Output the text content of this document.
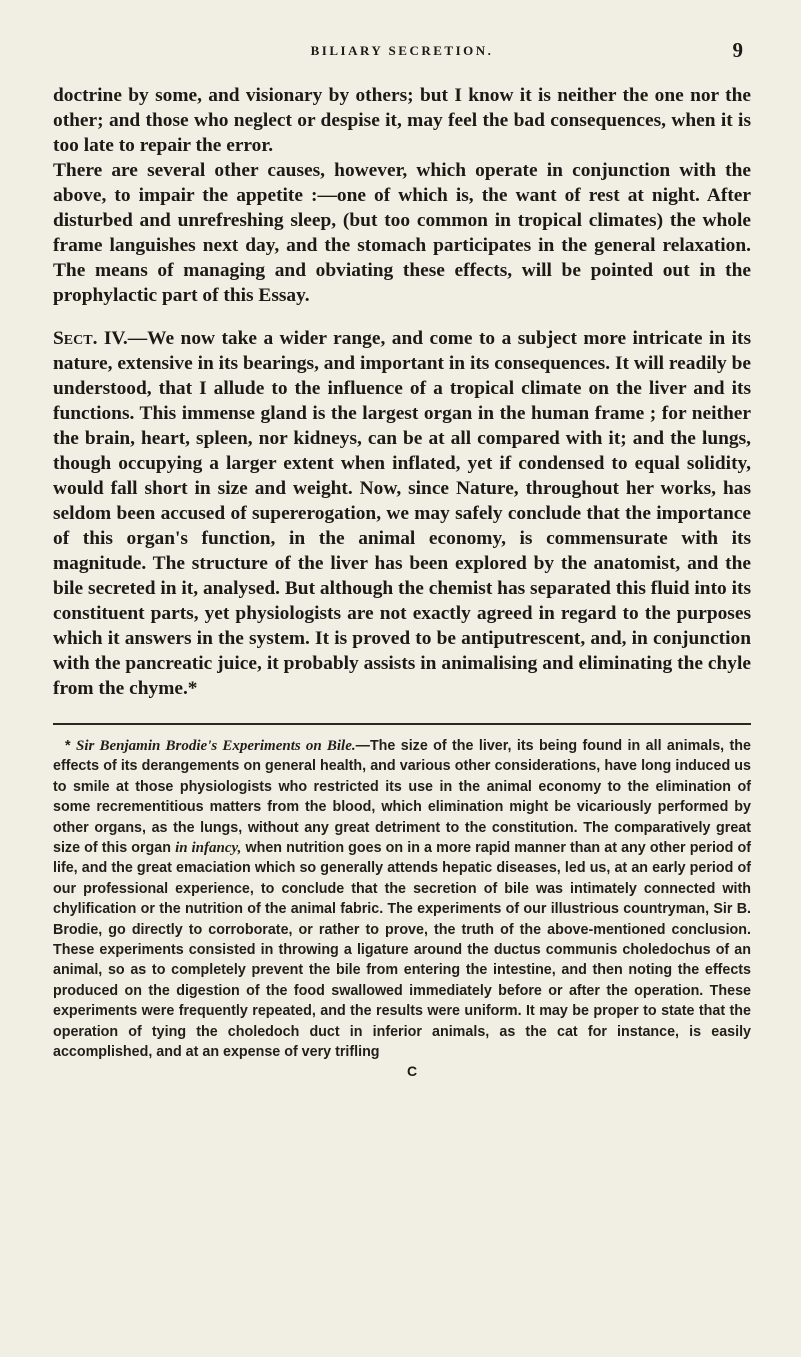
BILIARY SECRETION.	9

doctrine by some, and visionary by others; but I know it is neither the one nor the other; and those who neglect or despise it, may feel the bad consequences, when it is too late to repair the error.

There are several other causes, however, which operate in conjunction with the above, to impair the appetite :—one of which is, the want of rest at night. After disturbed and unrefreshing sleep, (but too common in tropical climates) the whole frame languishes next day, and the stomach participates in the general relaxation. The means of managing and obviating these effects, will be pointed out in the prophylactic part of this Essay.

Sect. IV.—We now take a wider range, and come to a subject more intricate in its nature, extensive in its bearings, and important in its consequences. It will readily be understood, that I allude to the influence of a tropical climate on the liver and its functions. This immense gland is the largest organ in the human frame ; for neither the brain, heart, spleen, nor kidneys, can be at all compared with it; and the lungs, though occupying a larger extent when inflated, yet if condensed to equal solidity, would fall short in size and weight. Now, since Nature, throughout her works, has seldom been accused of supererogation, we may safely conclude that the importance of this organ's function, in the animal economy, is commensurate with its magnitude. The structure of the liver has been explored by the anatomist, and the bile secreted in it, analysed. But although the chemist has separated this fluid into its constituent parts, yet physiologists are not exactly agreed in regard to the purposes which it answers in the system. It is proved to be antiputrescent, and, in conjunction with the pancreatic juice, it probably assists in animalising and eliminating the chyle from the chyme.*

* Sir Benjamin Brodie's Experiments on Bile.—The size of the liver, its being found in all animals, the effects of its derangements on general health, and various other considerations, have long induced us to smile at those physiologists who restricted its use in the animal economy to the elimination of some recrementitious matters from the blood, which elimination might be vicariously performed by other organs, as the lungs, without any great detriment to the constitution. The comparatively great size of this organ in infancy, when nutrition goes on in a more rapid manner than at any other period of life, and the great emaciation which so generally attends hepatic diseases, led us, at an early period of our professional experience, to conclude that the secretion of bile was intimately connected with chylification or the nutrition of the animal fabric. The experiments of our illustrious countryman, Sir B. Brodie, go directly to corroborate, or rather to prove, the truth of the above-mentioned conclusion. These experiments consisted in throwing a ligature around the ductus communis choledochus of an animal, so as to completely prevent the bile from entering the intestine, and then noting the effects produced on the digestion of the food swallowed immediately before or after the operation. These experiments were frequently repeated, and the results were uniform. It may be proper to state that the operation of tying the choledoch duct in inferior animals, as the cat for instance, is easily accomplished, and at an expense of very trifling
C
